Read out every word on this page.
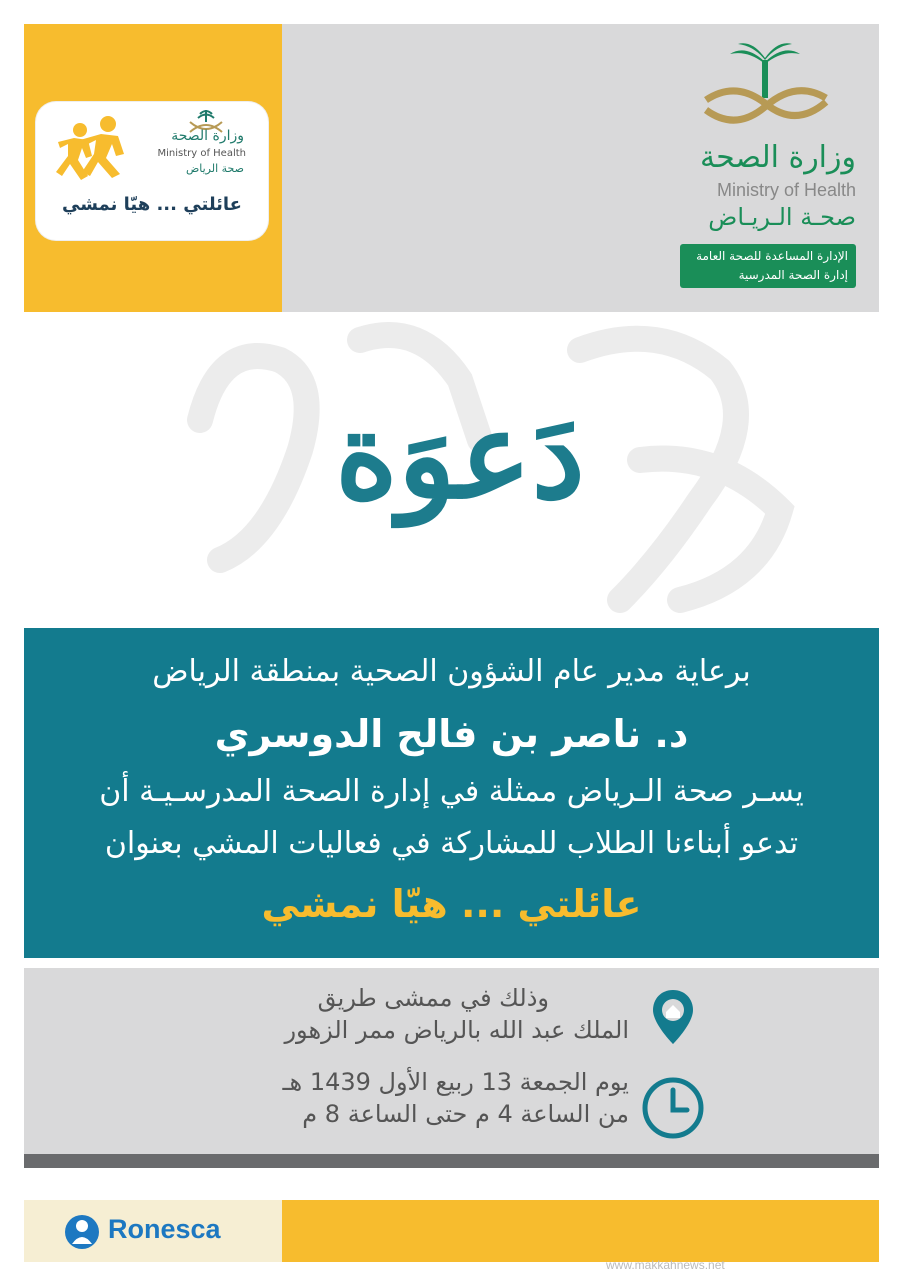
وزارة الصحة
Ministry of Health
صحة الرياض
عائلتي ... هيّا نمشي
وزارة الصحة
Ministry of Health
صحـة الـريـاض
الإدارة المساعدة للصحة العامة
إدارة الصحة المدرسية
دَعوَة
برعاية مدير عام الشؤون الصحية بمنطقة الرياض
د. ناصر بن فالح الدوسري
يسـر صحة الـرياض ممثلة في إدارة الصحة المدرسـيـة أن
تدعو أبناءنا الطلاب للمشاركة في فعاليات المشي بعنوان
عائلتي ... هيّا نمشي
وذلك في ممشى طريق
الملك عبد الله بالرياض ممر الزهور
يوم الجمعة 13 ربيع الأول 1439 هـ
من الساعة 4 م حتى الساعة 8 م
Ronesca
www.makkahnews.net
